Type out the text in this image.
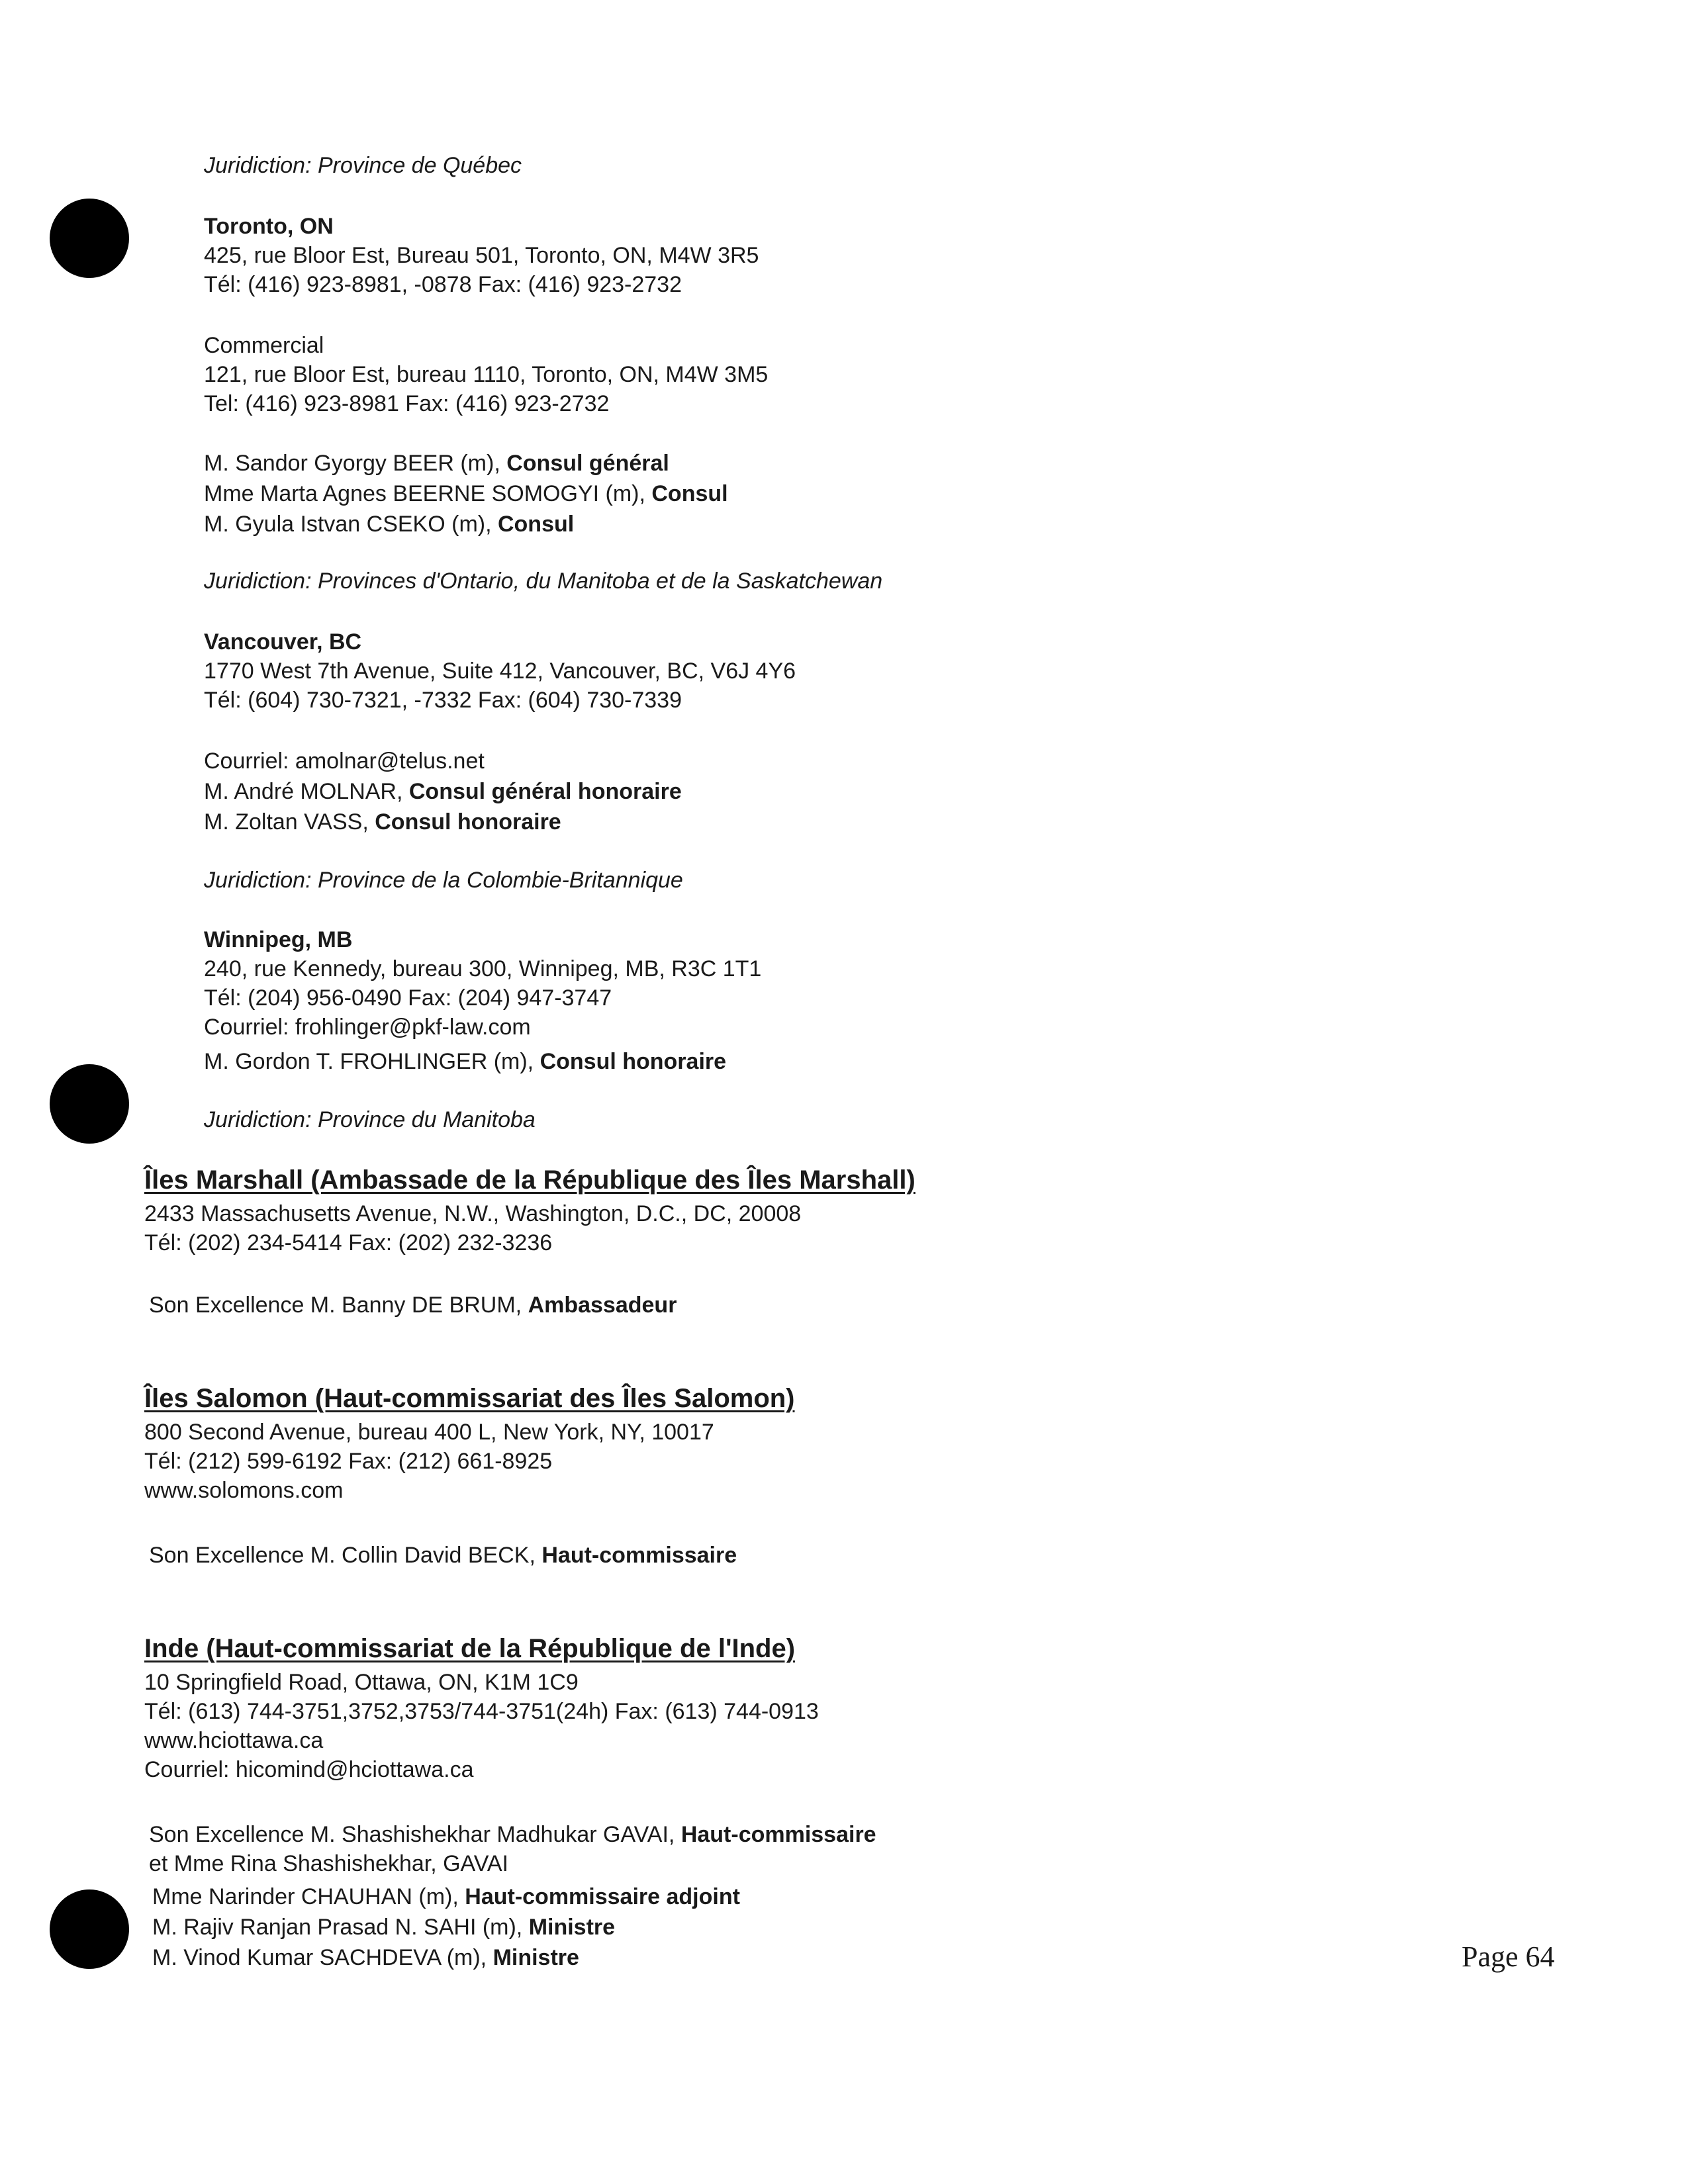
Juridiction: Province de Québec
Toronto, ON
425, rue Bloor Est, Bureau 501, Toronto, ON, M4W 3R5
Tél: (416) 923-8981, -0878 Fax: (416) 923-2732
Commercial
121, rue Bloor Est, bureau 1110, Toronto, ON, M4W 3M5
Tel: (416) 923-8981 Fax: (416) 923-2732
M. Sandor Gyorgy BEER (m), Consul général
Mme Marta Agnes BEERNE SOMOGYI (m), Consul
M. Gyula Istvan CSEKO (m), Consul
Juridiction: Provinces d'Ontario, du Manitoba et de la Saskatchewan
Vancouver, BC
1770 West 7th Avenue, Suite 412, Vancouver, BC, V6J 4Y6
Tél: (604) 730-7321, -7332 Fax: (604) 730-7339
Courriel: amolnar@telus.net
M. André MOLNAR, Consul général honoraire
M. Zoltan VASS, Consul honoraire
Juridiction: Province de la Colombie-Britannique
Winnipeg, MB
240, rue Kennedy, bureau 300, Winnipeg, MB, R3C 1T1
Tél: (204) 956-0490 Fax: (204) 947-3747
Courriel: frohlinger@pkf-law.com
M. Gordon T. FROHLINGER (m), Consul honoraire
Juridiction: Province du Manitoba
Îles Marshall (Ambassade de la République des Îles Marshall)
2433 Massachusetts Avenue, N.W., Washington, D.C., DC, 20008
Tél: (202) 234-5414 Fax: (202) 232-3236
Son Excellence M. Banny DE BRUM, Ambassadeur
Îles Salomon (Haut-commissariat des Îles Salomon)
800 Second Avenue, bureau 400 L, New York, NY, 10017
Tél: (212) 599-6192 Fax: (212) 661-8925
www.solomons.com
Son Excellence M. Collin David BECK, Haut-commissaire
Inde (Haut-commissariat de la République de l'Inde)
10 Springfield Road, Ottawa, ON, K1M 1C9
Tél: (613) 744-3751,3752,3753/744-3751(24h) Fax: (613) 744-0913
www.hciottawa.ca
Courriel: hicomind@hciottawa.ca
Son Excellence M. Shashishekhar Madhukar GAVAI, Haut-commissaire
et Mme Rina Shashishekhar, GAVAI
Mme Narinder CHAUHAN (m), Haut-commissaire adjoint
M. Rajiv Ranjan Prasad N. SAHI (m), Ministre
M. Vinod Kumar SACHDEVA (m), Ministre	Page 64
